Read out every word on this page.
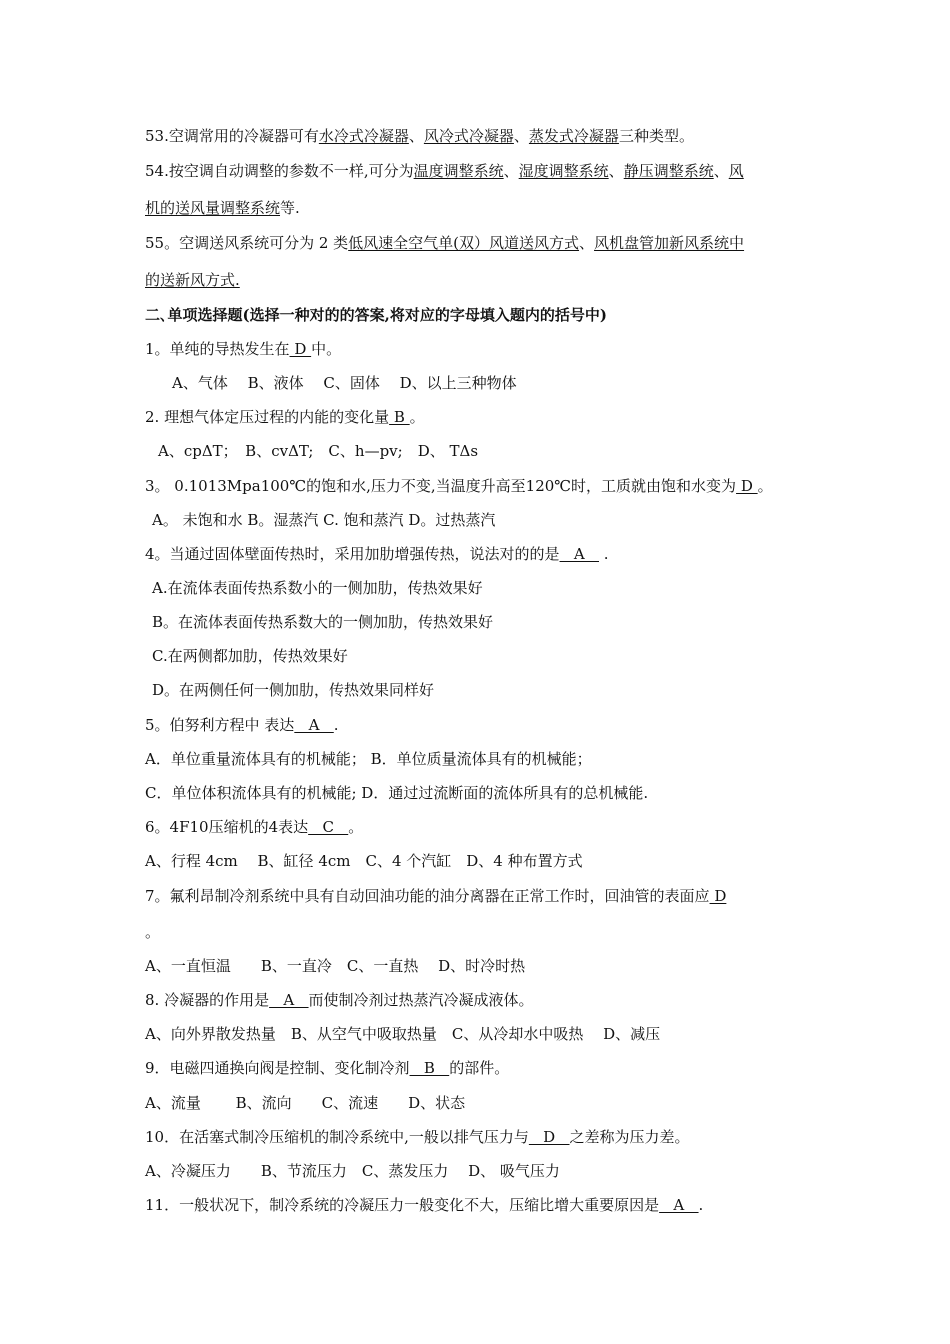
53.空调常用的冷凝器可有水冷式冷凝器、风冷式冷凝器、蒸发式冷凝器三种类型。
54.按空调自动调整的参数不一样,可分为温度调整系统、湿度调整系统、静压调整系统、风
机的送风量调整系统等.
55。空调送风系统可分为 2 类低风速全空气单(双）风道送风方式、风机盘管加新风系统中
的送新风方式.
二､单项选择题(选择一种对的的答案,将对应的字母填入题内的括号中)
1。单纯的导热发生在 D 中。
A、气体　 B、液体　 C、固体　 D、以上三种物体
2. 理想气体定压过程的内能的变化量 B 。
A、cpΔT；　B、cvΔT;　C、h—pv;　D、 TΔs
3。 0.1013Mpa100℃的饱和水,压力不变,当温度升高至120℃时，工质就由饱和水变为 D 。
A。 未饱和水 B。湿蒸汽 C. 饱和蒸汽 D。过热蒸汽
4。当通过固体壁面传热时，采用加肋增强传热，说法对的的是   A    .
A.在流体表面传热系数小的一侧加肋，传热效果好
B。在流体表面传热系数大的一侧加肋，传热效果好
C.在两侧都加肋，传热效果好
D。在两侧任何一侧加肋，传热效果同样好
5。伯努利方程中 表达   A   .
A．单位重量流体具有的机械能； B．单位质量流体具有的机械能；
C．单位体积流体具有的机械能; D．通过过流断面的流体所具有的总机械能.
6。4F10压缩机的4表达   C   。
A、行程 4cm　 B、缸径 4cm　C、4 个汽缸　D、4 种布置方式
7。氟利昂制冷剂系统中具有自动回油功能的油分离器在正常工作时，回油管的表面应 D
。
A、一直恒温　　B、一直冷　C、一直热　 D、时冷时热
8. 冷凝器的作用是   A   而使制冷剂过热蒸汽冷凝成液体。
A、向外界散发热量　B、从空气中吸取热量　C、从冷却水中吸热　 D、减压
9．电磁四通换向阀是控制、变化制冷剂   B   的部件。
A、流量　　 B、流向　　C、流速　　D、状态
10．在活塞式制冷压缩机的制冷系统中,一般以排气压力与   D   之差称为压力差。
A、冷凝压力　　B、节流压力　C、蒸发压力　 D、 吸气压力
11．一般状况下，制冷系统的冷凝压力一般变化不大，压缩比增大重要原因是   A   .
